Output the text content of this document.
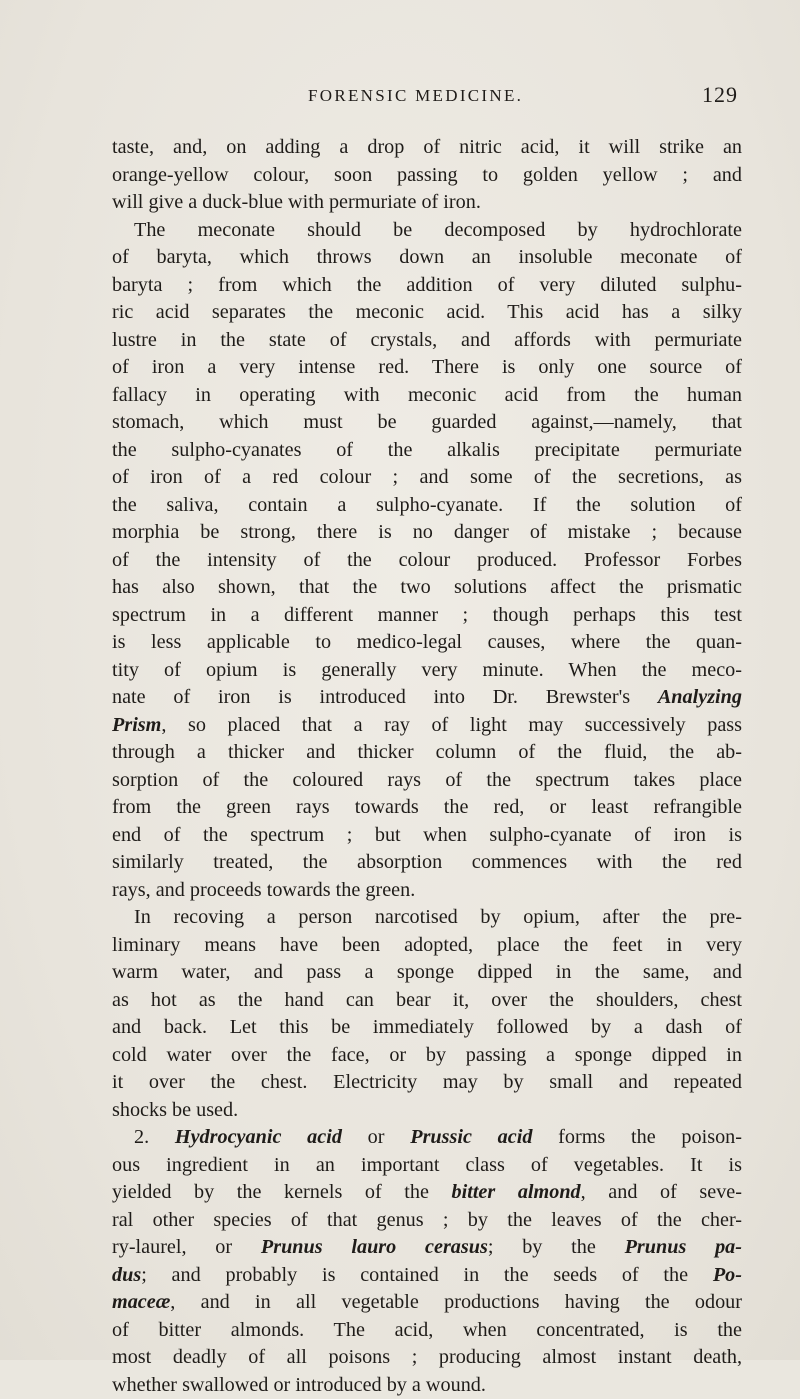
FORENSIC MEDICINE.	129
taste, and, on adding a drop of nitric acid, it will strike an
orange-yellow colour, soon passing to golden yellow ; and
will give a duck-blue with permuriate of iron.
The meconate should be decomposed by hydrochlorate
of baryta, which throws down an insoluble meconate of
baryta ; from which the addition of very diluted sulphu-
ric acid separates the meconic acid. This acid has a silky
lustre in the state of crystals, and affords with permuriate
of iron a very intense red. There is only one source of
fallacy in operating with meconic acid from the human
stomach, which must be guarded against,—namely, that
the sulpho-cyanates of the alkalis precipitate permuriate
of iron of a red colour ; and some of the secretions, as
the saliva, contain a sulpho-cyanate. If the solution of
morphia be strong, there is no danger of mistake ; because
of the intensity of the colour produced. Professor Forbes
has also shown, that the two solutions affect the prismatic
spectrum in a different manner ; though perhaps this test
is less applicable to medico-legal causes, where the quan-
tity of opium is generally very minute. When the meco-
nate of iron is introduced into Dr. Brewster's Analyzing
Prism, so placed that a ray of light may successively pass
through a thicker and thicker column of the fluid, the ab-
sorption of the coloured rays of the spectrum takes place
from the green rays towards the red, or least refrangible
end of the spectrum ; but when sulpho-cyanate of iron is
similarly treated, the absorption commences with the red
rays, and proceeds towards the green.
In recoving a person narcotised by opium, after the pre-
liminary means have been adopted, place the feet in very
warm water, and pass a sponge dipped in the same, and
as hot as the hand can bear it, over the shoulders, chest
and back. Let this be immediately followed by a dash of
cold water over the face, or by passing a sponge dipped in
it over the chest. Electricity may by small and repeated
shocks be used.
2. Hydrocyanic acid or Prussic acid forms the poison-
ous ingredient in an important class of vegetables. It is
yielded by the kernels of the bitter almond, and of seve-
ral other species of that genus ; by the leaves of the cher-
ry-laurel, or Prunus lauro cerasus; by the Prunus pa-
dus; and probably is contained in the seeds of the Po-
maceæ, and in all vegetable productions having the odour
of bitter almonds. The acid, when concentrated, is the
most deadly of all poisons ; producing almost instant death,
whether swallowed or introduced by a wound.
